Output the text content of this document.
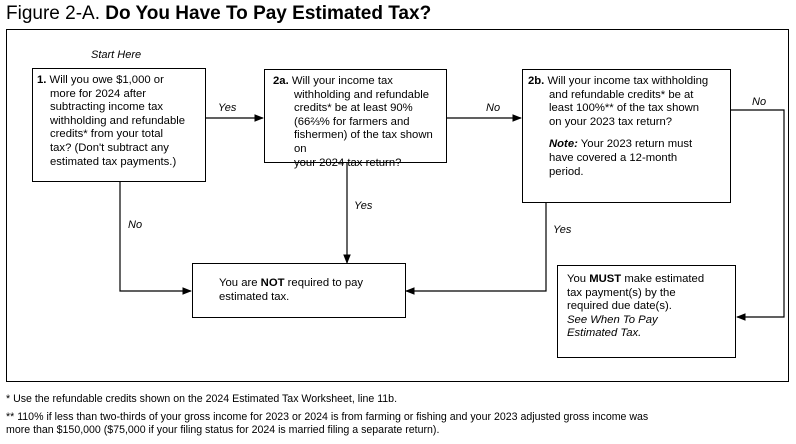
Figure 2-A. Do You Have To Pay Estimated Tax?
Start Here
1. Will you owe $1,000 or
more for 2024 after
subtracting income tax
withholding and refundable
credits* from your total
tax? (Don't subtract any
estimated tax payments.)
2a. Will your income tax
withholding and refundable
credits* be at least 90%
(66⅔% for farmers and
fishermen) of the tax shown on
your 2024 tax return?
2b. Will your income tax withholding
and refundable credits* be at
least 100%** of the tax shown
on your 2023 tax return?
Note: Your 2023 return must
have covered a 12-month
period.
You are NOT required to pay
estimated tax.
You MUST make estimated
tax payment(s) by the
required due date(s).
See When To Pay
Estimated Tax.
Yes	No	No
No
Yes
Yes
* Use the refundable credits shown on the 2024 Estimated Tax Worksheet, line 11b.
** 110% if less than two-thirds of your gross income for 2023 or 2024 is from farming or fishing and your 2023 adjusted gross income was
more than $150,000 ($75,000 if your filing status for 2024 is married filing a separate return).
